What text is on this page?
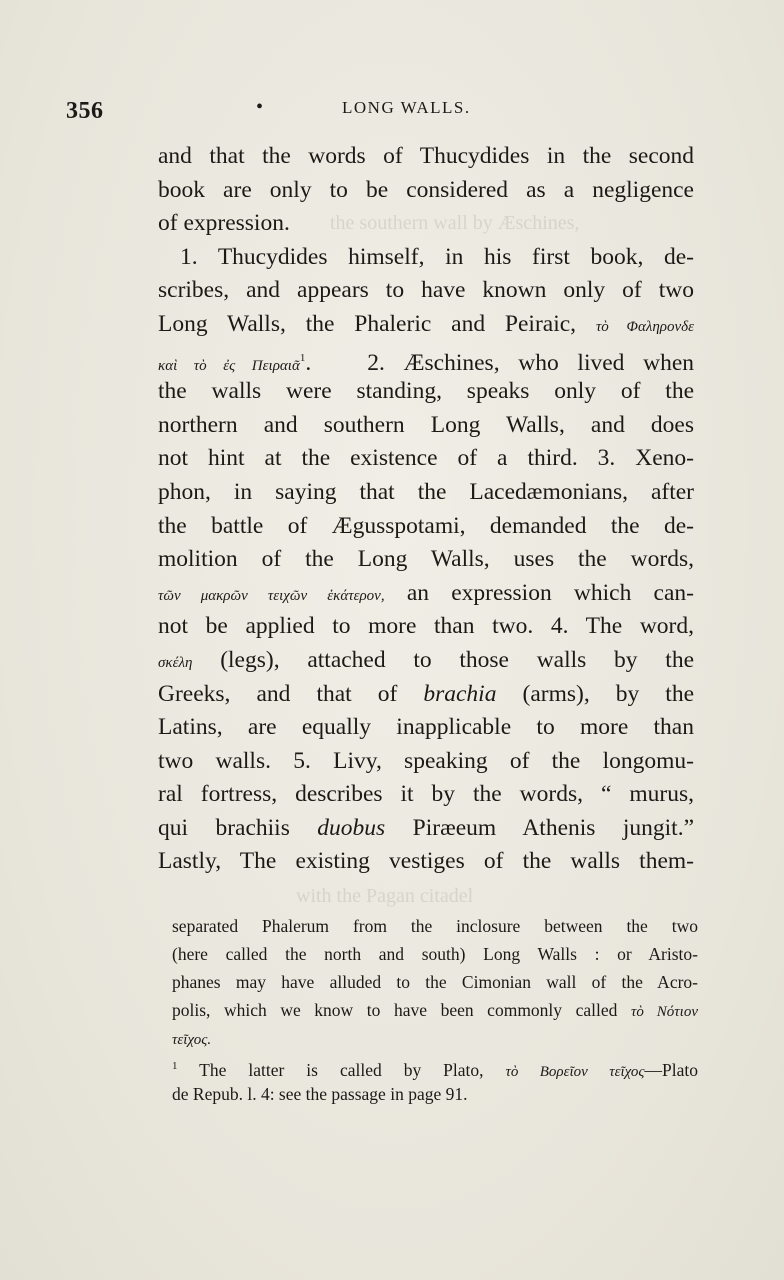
the southern wall by Æschines,
with the Pagan citadel
356	•	LONG WALLS.
and that the words of Thucydides in the second
book are only to be considered as a negligence
of expression.
1. Thucydides himself, in his first book, de-
scribes, and appears to have known only of two
Long Walls, the Phaleric and Peiraic, τὸ Φαληρονδε
καὶ τὸ ἐς Πειραιᾶ$^1$.   2. Æschines, who lived when
the walls were standing, speaks only of the
northern and southern Long Walls, and does
not hint at the existence of a third. 3. Xeno-
phon, in saying that the Lacedæmonians, after
the battle of Ægusspotami, demanded the de-
molition of the Long Walls, uses the words,
τῶν μακρῶν τειχῶν ἑκάτερον, an expression which can-
not be applied to more than two. 4. The word,
σκέλη (legs), attached to those walls by the
Greeks, and that of brachia (arms), by the
Latins, are equally inapplicable to more than
two walls. 5. Livy, speaking of the longomu-
ral fortress, describes it by the words, “ murus,
qui brachiis duobus Piræeum Athenis jungit.”
Lastly, The existing vestiges of the walls them-
separated Phalerum from the inclosure between the two
(here called the north and south) Long Walls : or Aristo-
phanes may have alluded to the Cimonian wall of the Acro-
polis, which we know to have been commonly called τὸ Νότιον
τεῖχος.
$^1$ The latter is called by Plato, τὸ Βορεῖον τεῖχος—Plato
de Repub. l. 4: see the passage in page 91.
